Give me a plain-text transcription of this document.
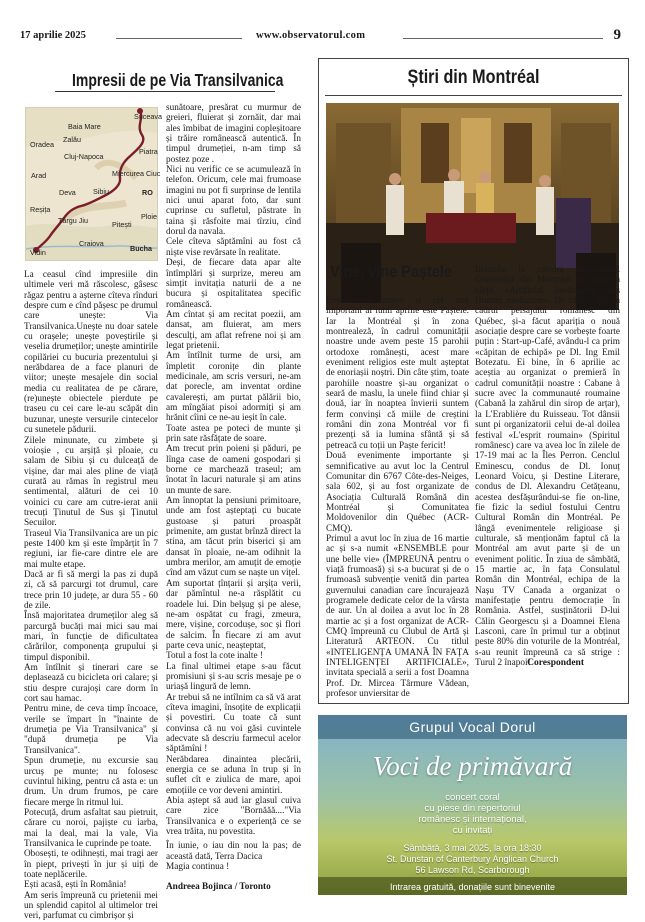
17 aprilie 2025	www.observatorul.com	9
Impresii de pe Via Transilvanica
Baia Mare
Suceava
Zalău
Oradea
Cluj-Napoca
Piatra
Miercurea Ciuc
Arad
Sibiu
Deva	RO
Reșița
Târgu Jiu	Pitești
Ploie
Craiova
Vidin	Bucha

La ceasul cînd impresiile din ultimele veri mă răscolesc, gâsesc răgaz pentru a așterne cîteva rînduri despre cum e cînd pășesc pe drumul care unește: Via Transilvanica.Unește nu doar satele cu orașele; unește poveștirile și veselia drumeților; unește amintirile copilăriei cu bucuria prezentului și nerăbdarea de a face planuri de viitor; unește mesajele din social media cu realitatea de pe cărare, (re)unește obiectele pierdute pe traseu cu cei care le-au scăpăt din buzunar, unește versurile cintecelor cu sunetele pădurii.

Zilele minunate, cu zimbete și voioșie , cu arșiță și ploaie, cu salam de Sibiu și cu dulceață de vișine, dar mai ales pline de viață curată au rămas în registrul meu sentimental, alături de cei 10 voinici cu care am cutre-ierat anii trecuți Ținutul de Sus și Ținutul Secuilor.

Traseul Via Transilvanica are un pic peste 1400 km și este împărțit în 7 regiuni, iar fie-care dintre ele are mai multe etape.

Dacă ar fi să mergi la pas zi după zi, că să parcurgi tot drumul, care trece prin 10 județe, ar dura 55 - 60 de zile.

Însă majoritatea drumeților aleg să parcurgă bucăți mai mici sau mai mari, în funcție de dificultatea cărărilor, componența grupului și timpul disponibil.

Am întîlnit și tinerari care se deplasează cu bicicleta ori calare; și stiu despre curajoși care dorm în cort sau hamac.

Pentru mine, de ceva timp încoace, verile se împart în "înainte de drumeția pe Via Transilvanica" și "după drumeția pe Via Transilvanica".

Spun drumeție, nu excursie sau urcuș pe munte; nu folosesc cuvintul hiking, pentru că asta e: un drum. Un drum frumos, pe care fiecare merge în ritmul lui.

Potecuță, drum asfaltat sau pietruit, cărare cu noroi, pajiște cu iarba, mai la deal, mai la vale, Via Transilvanica le cuprinde pe toate.

Obosești, te odihnești, mai tragi aer în piept, privești în jur și uiți de toate neplăcerile.

Ești acasă, ești în România!

Am seris împreună cu prietenii mei un splendid capitol al ultimelor trei veri, parfumat cu cimbrișor și

sunătoare, presărat cu murmur de greieri, fluierat și zornăit, dar mai ales îmbibat de imagini copleșitoare și trăire românească autentică. În timpul drumeției, n-am timp să postez poze .

Nici nu verific ce se acumulează în telefon. Oricum, cele mai frumoase imagini nu pot fi surprinse de lentila nici unui aparat foto, dar sunt cuprinse cu sufletul, păstrate în taina și răsfoite mai tîrziu, cînd dorul da navala.

Cele cîteva săptămîni au fost că niște vise revărsate în realitate.

Deși, de fiecare data apar alte întîmplări și surprize, mereu am simțit invitația naturii de a ne bucura și ospitalitatea specific românească.

Am cîntat și am recitat poezii, am dansat, am fluierat, am mers desculți, am aflat refrene noi și am legat prietenii.

Am întîlnit turme de ursi, am împletit coronițe din plante medicinale, am scris versuri, ne-am dat porecle, am inventat ordine cavalerești, am purtat pălării bio, am mîngăiat pisoi adormiți și am hrănit cîini ce ne-au ieșit în cale.

Toate astea pe poteci de munte și prin sate răsfățate de soare.

Am trecut prin poieni și păduri, pe lînga case de oameni gospodari și borne ce marchează traseul; am înotat în lacuri naturale și am atins un munte de sare.

Am înnoptat la pensiuni primitoare, unde am fost așteptați cu bucate gustoase și paturi proaspăt primenite, am gustat brînză direct la stina, am tăcut prin biserici și am dansat în ploaie, ne-am odihnit la umbra merilor, am amuțit de emoție cînd am văzut cum se naște un vițel.

Am suportat țînțarii și arșița verii, dar pămîntul ne-a răsplătit cu roadele lui. Din belșug și pe alese, ne-am ospătat cu fragi, zmeura, mere, vișine, corcodușe, soc și flori de salcim. În fiecare zi am avut parte ceva unic, neașteptat,

Totul a fost la cote inalte !

La final ultimei etape s-au făcut promisiuni și s-au scris mesaje pe o uriașă lingură de lemn.

Ar trebui să ne intîlnim ca să vă arat cîteva imagini, însoțite de explicații și povestiri. Cu toate că sunt convinsa că nu voi găsi cuvintele adecvate să descriu farmecul acelor săptămîni !

Nerăbdarea dinaintea plecării, energia ce se aduna în trup și în suflet cît e ziulica de mare, apoi emoțiile ce vor deveni amintiri.

Abia aștept să aud iar glasul cuiva care zice "Bornăăă...."Via Transilvanica e o experiență ce se vrea trăita, nu povestita.

În iunie, o iau din nou la pas; de această dată, Terra Dacica

Magia continua !

Andreea Bojinca / Toronto

Știri din Montréal
Vine, vine Paștele

Evenimenul major și cel mai important al lunii aprilie este Paștele. Iar la Montréal și în zona montrealeză, în cadrul comunității noastre unde avem peste 15 parohii ortodoxe românești, acest mare eveniment religios este mult așteptat de enoriașii noștri. Din câte știm, toate parohiile noastre și-au organizat o seară de maslu, la unele fiind chiar și două, iar în noaptea învierii suntem ferm convinși că miile de creștini români din zona Montréal vor fi prezenți să ia lumina sfântă și să petreacă cu toții un Paște fericit!

Două evenimente importante și semnificative au avut loc la Centrul Comunitar din 6767 Côte-des-Neiges, sala 602, și au fost organizate de Asociația Culturală Română din Montréal și Comunitatea Moldovenilor din Québec (ACR-CMQ).

Primul a avut loc în ziua de 16 martie ac și s-a numit «ENSEMBLE pour une belle vie» (ÎMPREUNĂ pentru o viață frumoasă) și s-a bucurat și de o frumoasă subvenție venită din partea guvernului canadian care încurajează programele dedicate celor de la vârsta de aur. Un al doilea a avut loc în 28 martie ac și a fost organizat de ACR-CMQ împreună cu Clubul de Artă și Literatură ARTEON. Cu titlul «INTELIGENȚA UMANĂ ÎN FAȚA INTELIGENȚEI ARTIFICIALE», invitata specială a serii a fost Doamna Prof. Dr. Mircea Târmure Vădean, profesor unviersitar de

filozofie la catedra universității Concordia din Montréal și autoarea cărții «Artificial Intelligence ans Human mediation». De câțiva ani, în cadrul peisajului românesc din Québec, și-a făcut apariția o nouă asociație despre care se vorbește foarte puțin : Start-up-Café, avându-l ca prim «căpitan de echipă» pe Dl. Ing Emil Botezatu. Ei bine, în 6 aprilie ac aceștia au organizat o premieră în cadrul comunității noastre : Cabane à sucre avec la communauté roumaine (Cabană la zahărul din sirop de arțar), la L'Erablière du Ruisseau. Tot dânsii sunt pi organizatorii celui de-al doilea festival «L'esprit roumain» (Spiritul românesc) care va avea loc în zilele de 17-19 mai ac la Îles Perron. Cenclul Eminescu, condus de Dl. Ionuț Leonard Voicu, și Destine Literare, condus de Dl. Alexandru Cetățeanu, acestea desfășurândui-se fie on-line, fie fizic la sediul fostului Centru Cultural Român din Montréal. Pe lângă evenimentele religioase și culturale, să menționăm faptul că la Montréal am avut parte și de un eveniment politic. În ziua de sâmbătă, 15 martie ac, în fața Consulatul Român din Montréal, echipa de la Nașu TV Canada a organizat o manifestație pentru democrație în România. Astfel, susținătorii D-lui Călin Georgescu și a Doamnei Elena Lasconi, care în primul tur a obținut peste 80% din voturile de la Montréal, s-au reunit împreună ca să strige : Turul 2 înapoi!

Corespondent
Grupul Vocal Dorul
Voci de primăvară
concert coral
cu piese din repertoriul
românesc și internațional,
cu invitați
Sâmbătă, 3 mai 2025, la ora 18:30
St. Dunstan of Canterbury Anglican Church
56 Lawson Rd, Scarborough
Intrarea gratuită, donațiile sunt binevenite
